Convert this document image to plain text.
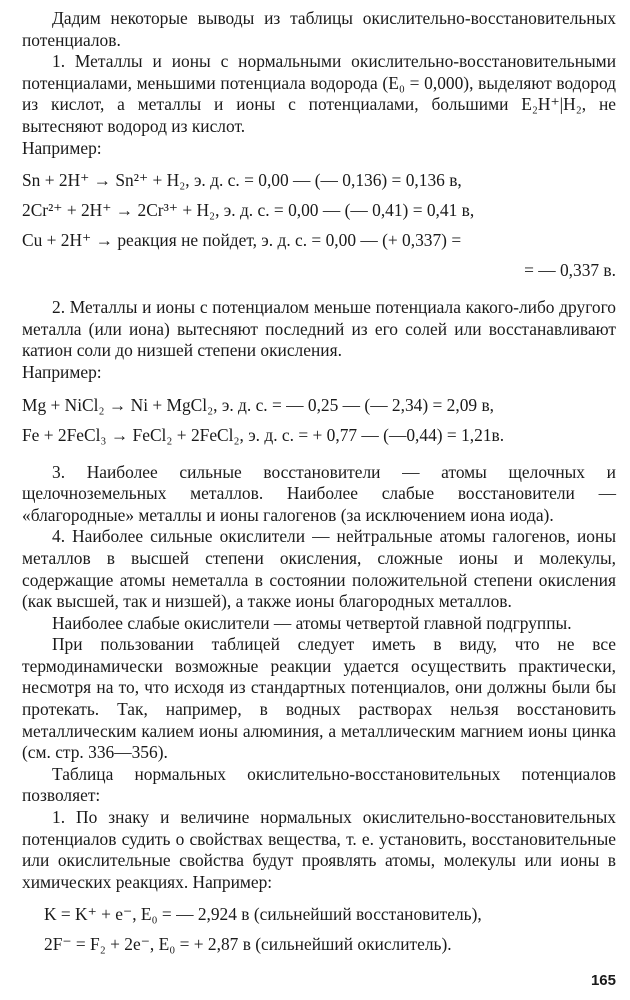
Дадим некоторые выводы из таблицы окислительно-восстановительных потенциалов.

1. Металлы и ионы с нормальными окислительно-восстановительными потенциалами, меньшими потенциала водорода (E₀ = 0,000), выделяют водород из кислот, а металлы и ионы с потенциалами, большими E₂H⁺|H₂, не вытесняют водород из кислот.

Например:

Sn + 2H⁺ → Sn²⁺ + H₂, э. д. с. = 0,00 — (— 0,136) = 0,136 в,

2Cr²⁺ + 2H⁺ → 2Cr³⁺ + H₂, э. д. с. = 0,00 — (— 0,41) = 0,41 в,

Cu + 2H⁺ → реакция не пойдет, э. д. с. = 0,00 — (+ 0,337) =

= — 0,337 в.

2. Металлы и ионы с потенциалом меньше потенциала какого-либо другого металла (или иона) вытесняют последний из его солей или восстанавливают катион соли до низшей степени окисления.

Например:

Mg + NiCl₂ → Ni + MgCl₂, э. д. с. = — 0,25 — (— 2,34) = 2,09 в,

Fe + 2FeCl₃ → FeCl₂ + 2FeCl₂, э. д. с. = + 0,77 — (—0,44) = 1,21в.

3. Наиболее сильные восстановители — атомы щелочных и щелочноземельных металлов. Наиболее слабые восстановители — «благородные» металлы и ионы галогенов (за исключением иона иода).

4. Наиболее сильные окислители — нейтральные атомы галогенов, ионы металлов в высшей степени окисления, сложные ионы и молекулы, содержащие атомы неметалла в состоянии положительной степени окисления (как высшей, так и низшей), а также ионы благородных металлов.

Наиболее слабые окислители — атомы четвертой главной подгруппы.

При пользовании таблицей следует иметь в виду, что не все термодинамически возможные реакции удается осуществить практически, несмотря на то, что исходя из стандартных потенциалов, они должны были бы протекать. Так, например, в водных растворах нельзя восстановить металлическим калием ионы алюминия, а металлическим магнием ионы цинка (см. стр. 336—356).

Таблица нормальных окислительно-восстановительных потенциалов позволяет:

1. По знаку и величине нормальных окислительно-восстановительных потенциалов судить о свойствах вещества, т. е. установить, восстановительные или окислительные свойства будут проявлять атомы, молекулы или ионы в химических реакциях. Например:

K = K⁺ + e⁻, E₀ = — 2,924 в (сильнейший восстановитель),

2F⁻ = F₂ + 2e⁻, E₀ = + 2,87 в (сильнейший окислитель).

165
